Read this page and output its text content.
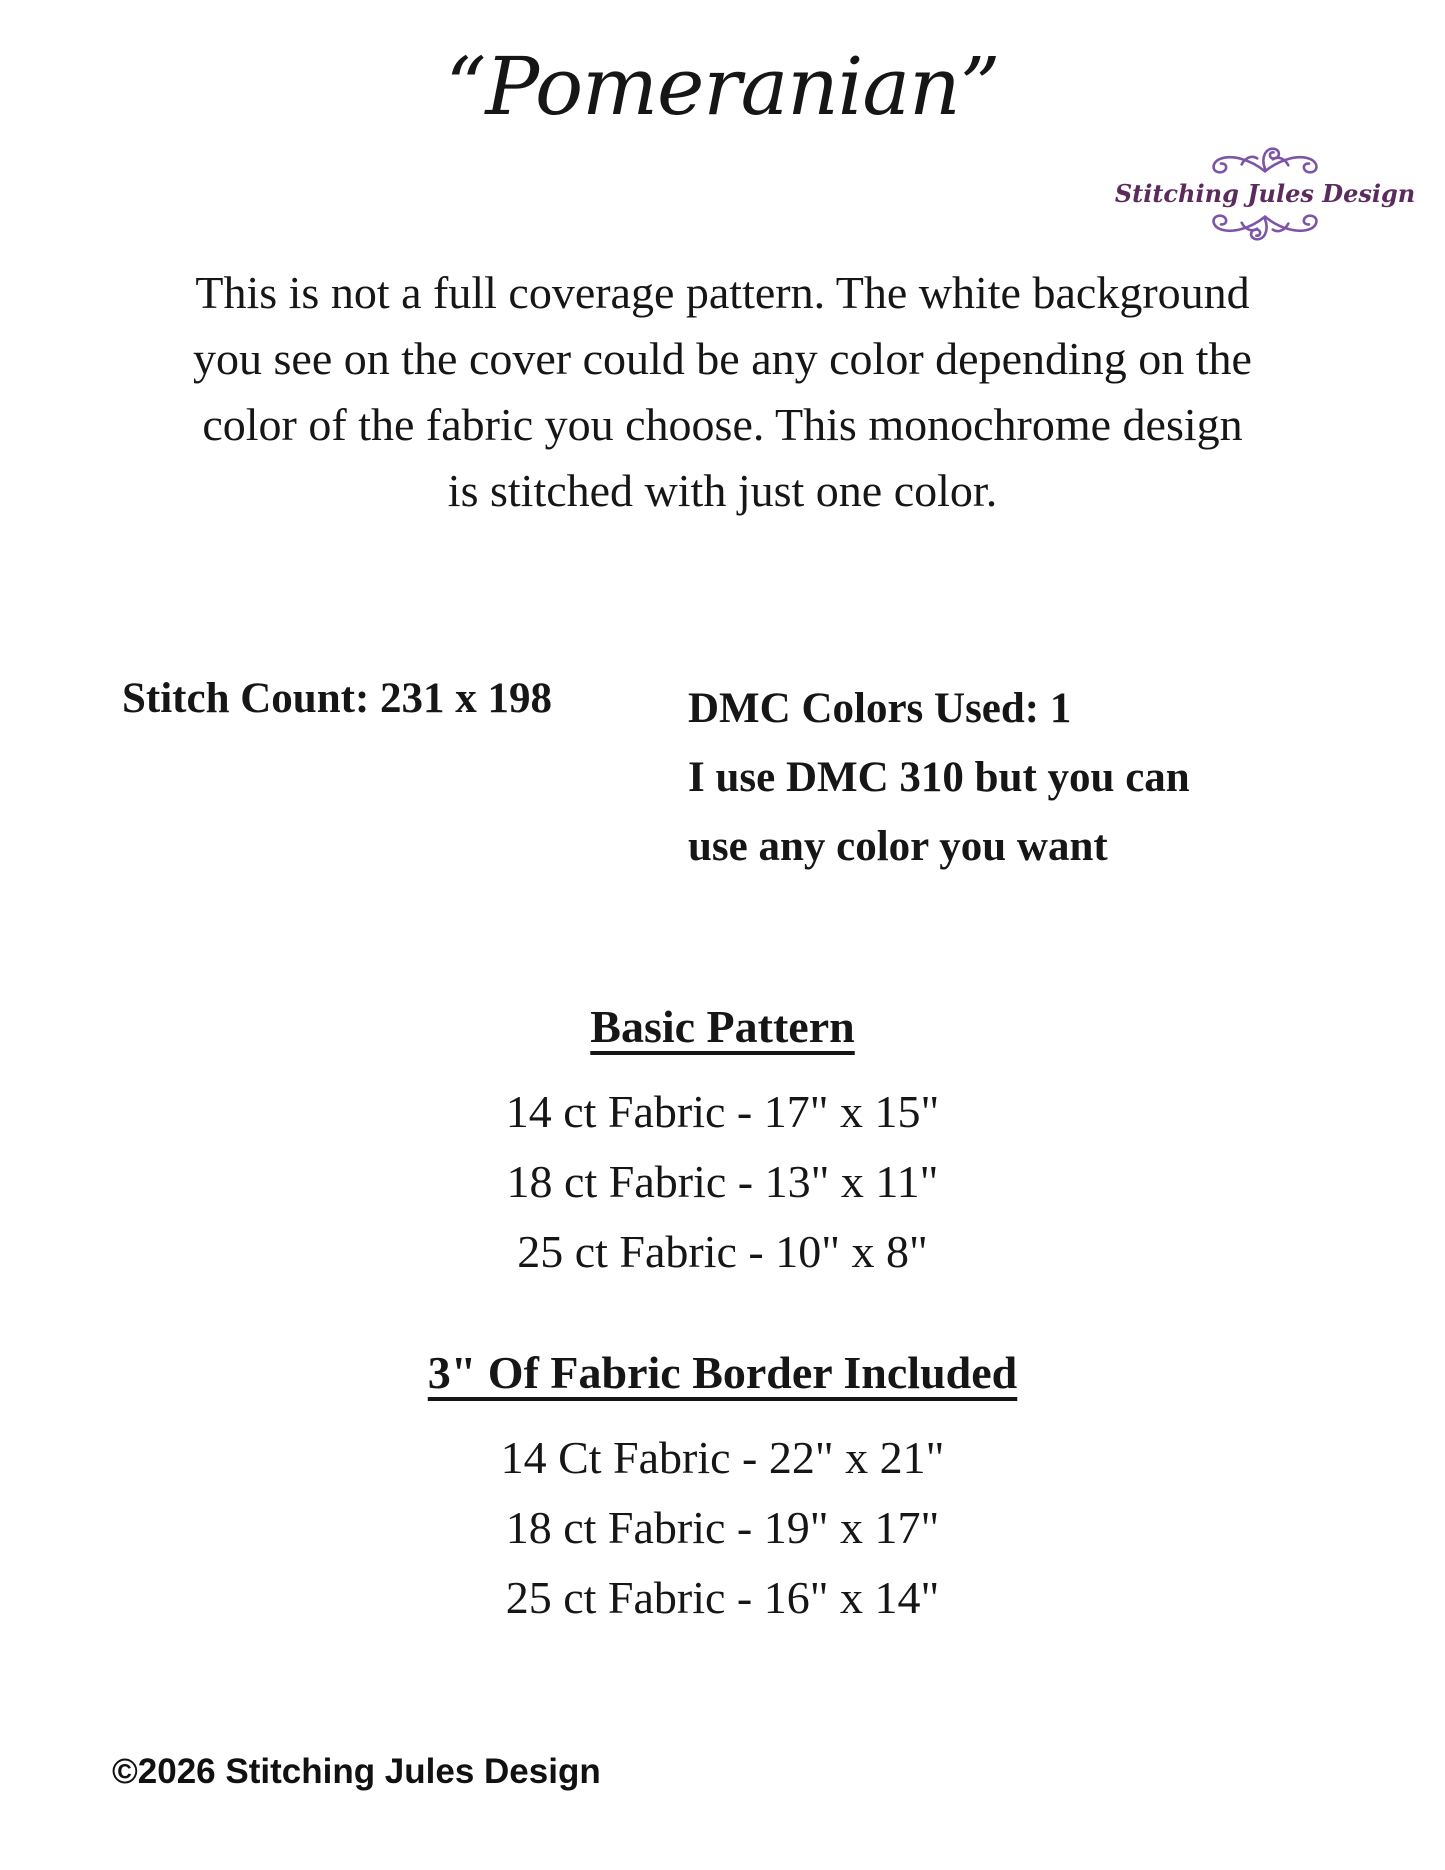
“Pomeranian”
Stitching Jules Design
This is not a full coverage pattern. The white background
you see on the cover could be any color depending on the
color of the fabric you choose. This monochrome design
is stitched with just one color.
Stitch Count: 231 x 198	DMC Colors Used: 1
I use DMC 310 but you can
use any color you want
Basic Pattern
14 ct Fabric - 17" x 15"
18 ct Fabric - 13" x 11"
25 ct Fabric - 10" x 8"
3" Of Fabric Border Included
14 Ct Fabric - 22" x 21"
18 ct Fabric - 19" x 17"
25 ct Fabric - 16" x 14"
©2026 Stitching Jules Design
